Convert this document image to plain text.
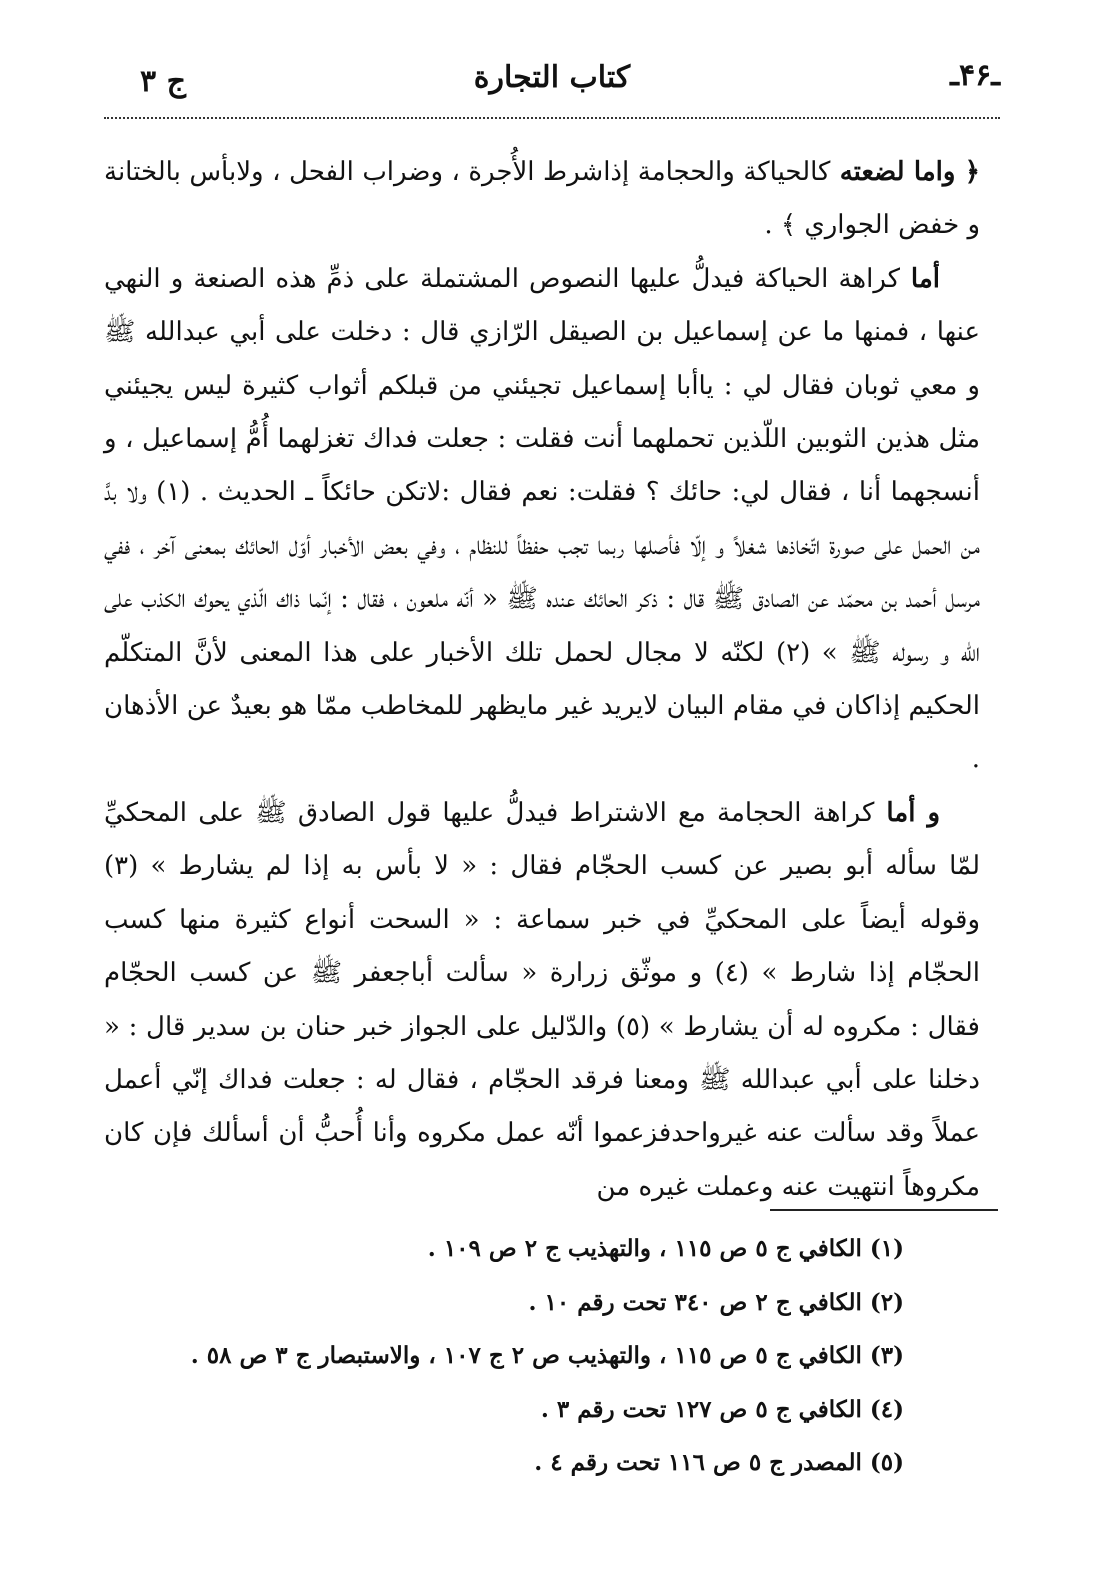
ـ۴۶ـ
كتاب التجارة
ج ٣

﴿ واما لضعته كالحياكة والحجامة إذاشرط الأُجرة ، وضراب الفحل ، ولابأس بالختانة و خفض الجواري ﴾ .

أما كراهة الحياكة فيدلُّ عليها النصوص المشتملة على ذمِّ هذه الصنعة و النهي عنها ، فمنها ما عن إسماعيل بن الصيقل الرّازي قال : دخلت على أبي عبدالله ﷺ و معي ثوبان فقال لي : ياأبا إسماعيل تجيئني من قبلكم أثواب كثيرة ليس يجيئني مثل هذين الثوبين اللّذين تحملهما أنت فقلت : جعلت فداك تغزلهما أُمُّ إسماعيل ، و أنسجهما أنا ، فقال لي: حائك ؟ فقلت: نعم فقال :لاتكن حائكاً ـ الحديث . (١) ولا بدَّ من الحمل على صورة اتّخاذها شغلاً و إلّا فأصلها ربما تجب حفظاً للنظام ، وفي بعض الأخبار أوّل الحائك بمعنى آخر ، ففي مرسل أحمد بن محمّد عن الصادق ﷺ قال : ذكر الحائك عنده ﷺ « أنّه ملعون ، فقال : إنّما ذاك الّذي يحوك الكذب على الله و رسوله ﷺ » (٢) لكنّه لا مجال لحمل تلك الأخبار على هذا المعنى لأنَّ المتكلّم الحكيم إذاكان في مقام البيان لايريد غير مايظهر للمخاطب ممّا هو بعيدٌ عن الأذهان .

و أما كراهة الحجامة مع الاشتراط فيدلُّ عليها قول الصادق ﷺ على المحكيِّ لمّا سأله أبو بصير عن كسب الحجّام فقال : « لا بأس به إذا لم يشارط » (٣) وقوله أيضاً على المحكيِّ في خبر سماعة : « السحت أنواع كثيرة منها كسب الحجّام إذا شارط » (٤) و موثّق زرارة « سألت أباجعفر ﷺ عن كسب الحجّام فقال : مكروه له أن يشارط » (٥) والدّليل على الجواز خبر حنان بن سدير قال : « دخلنا على أبي عبدالله ﷺ ومعنا فرقد الحجّام ، فقال له : جعلت فداك إنّي أعمل عملاً وقد سألت عنه غيرواحدفزعموا أنّه عمل مكروه وأنا أُحبُّ أن أسألك فإن كان مكروهاً انتهيت عنه وعملت غيره من

(١) الكافي ج ٥ ص ١١٥ ، والتهذيب ج ٢ ص ١٠٩ .
(٢) الكافي ج ٢ ص ٣٤٠ تحت رقم ١٠ .
(٣) الكافي ج ٥ ص ١١٥ ، والتهذيب ص ٢ ج ١٠٧ ، والاستبصار ج ٣ ص ٥٨ .
(٤) الكافي ج ٥ ص ١٢٧ تحت رقم ٣ .
(٥) المصدر ج ٥ ص ١١٦ تحت رقم ٤ .
